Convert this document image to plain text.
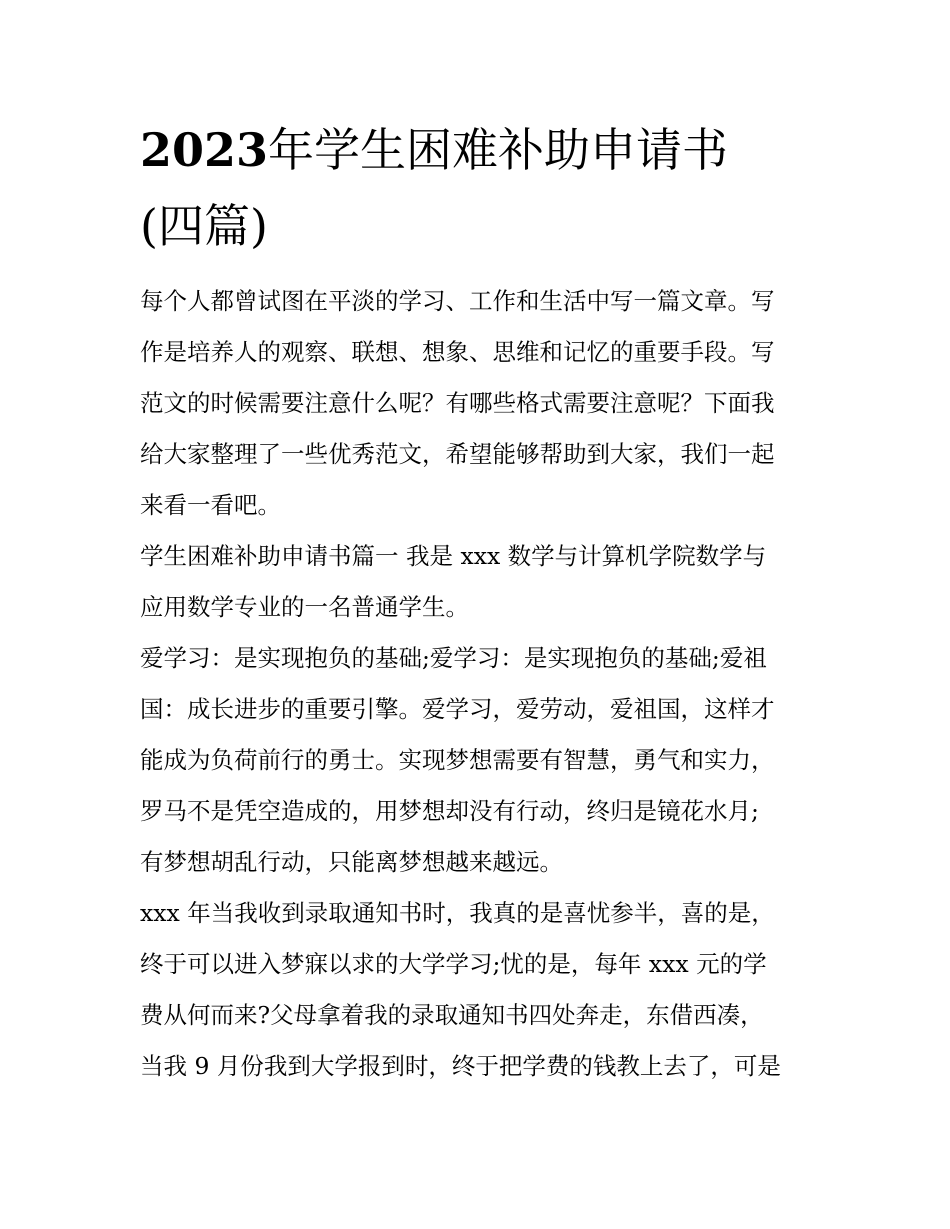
2023年学生困难补助申请书
(四篇)
每个人都曾试图在平淡的学习、工作和生活中写一篇文章。写
作是培养人的观察、联想、想象、思维和记忆的重要手段。写
范文的时候需要注意什么呢？有哪些格式需要注意呢？下面我
给大家整理了一些优秀范文，希望能够帮助到大家，我们一起
来看一看吧。
学生困难补助申请书篇一 我是 xxx 数学与计算机学院数学与
应用数学专业的一名普通学生。
爱学习：是实现抱负的基础;爱学习：是实现抱负的基础;爱祖
国：成长进步的重要引擎。爱学习，爱劳动，爱祖国，这样才
能成为负荷前行的勇士。实现梦想需要有智慧，勇气和实力，
罗马不是凭空造成的，用梦想却没有行动，终归是镜花水月;
有梦想胡乱行动，只能离梦想越来越远。
xxx 年当我收到录取通知书时，我真的是喜忧参半，喜的是，
终于可以进入梦寐以求的大学学习;忧的是，每年 xxx 元的学
费从何而来?父母拿着我的录取通知书四处奔走，东借西凑，
当我 9 月份我到大学报到时，终于把学费的钱教上去了，可是
